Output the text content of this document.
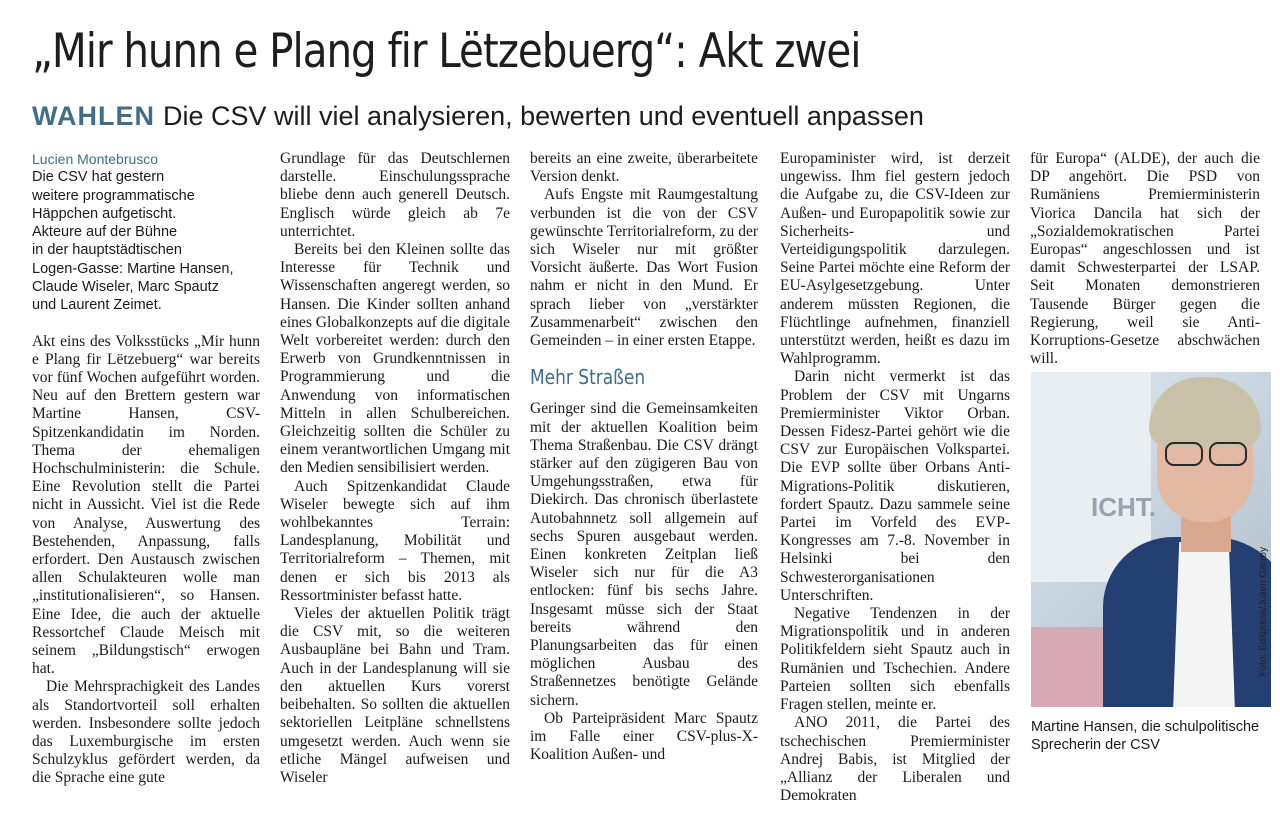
„Mir hunn e Plang fir Lëtzebuerg“: Akt zwei
WAHLEN Die CSV will viel analysieren, bewerten und eventuell anpassen

Lucien Montebrusco

Die CSV hat gestern

weitere programmatische

Häppchen aufgetischt.

Akteure auf der Bühne

in der hauptstädtischen

Logen-Gasse: Martine Hansen,

Claude Wiseler, Marc Spautz

und Laurent Zeimet.

Akt eins des Volksstücks „Mir hunn e Plang fir Lëtzebuerg“ war bereits vor fünf Wochen aufgeführt worden. Neu auf den Brettern gestern war Martine Hansen, CSV-Spitzenkandidatin im Norden. Thema der ehemaligen Hochschulministerin: die Schule. Eine Revolution stellt die Partei nicht in Aussicht. Viel ist die Rede von Analyse, Auswertung des Bestehenden, Anpassung, falls erfordert. Den Austausch zwischen allen Schulakteuren wolle man „institutionalisieren“, so Hansen. Eine Idee, die auch der aktuelle Ressortchef Claude Meisch mit seinem „Bildungstisch“ erwogen hat.

Die Mehrsprachigkeit des Landes als Standortvorteil soll erhalten werden. Insbesondere sollte jedoch das Luxemburgische im ersten Schulzyklus gefördert werden, da die Sprache eine gute

Grundlage für das Deutschlernen darstelle. Einschulungssprache bliebe denn auch generell Deutsch. Englisch würde gleich ab 7e unterrichtet.

Bereits bei den Kleinen sollte das Interesse für Technik und Wissenschaften angeregt werden, so Hansen. Die Kinder sollten anhand eines Globalkonzepts auf die digitale Welt vorbereitet werden: durch den Erwerb von Grundkenntnissen in Programmierung und die Anwendung von informatischen Mitteln in allen Schulbereichen. Gleichzeitig sollten die Schüler zu einem verantwortlichen Umgang mit den Medien sensibilisiert werden.

Auch Spitzenkandidat Claude Wiseler bewegte sich auf ihm wohlbekanntes Terrain: Landesplanung, Mobilität und Territorialreform – Themen, mit denen er sich bis 2013 als Ressortminister befasst hatte.

Vieles der aktuellen Politik trägt die CSV mit, so die weiteren Ausbaupläne bei Bahn und Tram. Auch in der Landesplanung will sie den aktuellen Kurs vorerst beibehalten. So sollten die aktuellen sektoriellen Leitpläne schnellstens umgesetzt werden. Auch wenn sie etliche Mängel aufweisen und Wiseler

bereits an eine zweite, überarbeitete Version denkt.

Aufs Engste mit Raumgestaltung verbunden ist die von der CSV gewünschte Territorialreform, zu der sich Wiseler nur mit größter Vorsicht äußerte. Das Wort Fusion nahm er nicht in den Mund. Er sprach lieber von „verstärkter Zusammenarbeit“ zwischen den Gemeinden – in einer ersten Etappe.

Mehr Straßen

Geringer sind die Gemeinsamkeiten mit der aktuellen Koalition beim Thema Straßenbau. Die CSV drängt stärker auf den zügigeren Bau von Umgehungsstraßen, etwa für Diekirch. Das chronisch überlastete Autobahnnetz soll allgemein auf sechs Spuren ausgebaut werden. Einen konkreten Zeitplan ließ Wiseler sich nur für die A3 entlocken: fünf bis sechs Jahre. Insgesamt müsse sich der Staat bereits während den Planungsarbeiten das für einen möglichen Ausbau des Straßennetzes benötigte Gelände sichern.

Ob Parteipräsident Marc Spautz im Falle einer CSV-plus-X-Koalition Außen- und

Europaminister wird, ist derzeit ungewiss. Ihm fiel gestern jedoch die Aufgabe zu, die CSV-Ideen zur Außen- und Europapolitik sowie zur Sicherheits- und Verteidigungspolitik darzulegen. Seine Partei möchte eine Reform der EU-Asylgesetzgebung. Unter anderem müssten Regionen, die Flüchtlinge aufnehmen, finanziell unterstützt werden, heißt es dazu im Wahlprogramm.

Darin nicht vermerkt ist das Problem der CSV mit Ungarns Premierminister Viktor Orban. Dessen Fidesz-Partei gehört wie die CSV zur Europäischen Volkspartei. Die EVP sollte über Orbans Anti-Migrations-Politik diskutieren, fordert Spautz. Dazu sammele seine Partei im Vorfeld des EVP-Kongresses am 7.-8. November in Helsinki bei den Schwesterorganisationen Unterschriften.

Negative Tendenzen in der Migrationspolitik und in anderen Politikfeldern sieht Spautz auch in Rumänien und Tschechien. Andere Parteien sollten sich ebenfalls Fragen stellen, meinte er.

ANO 2011, die Partei des tschechischen Premierminister Andrej Babis, ist Mitglied der „Allianz der Liberalen und Demokraten

für Europa“ (ALDE), der auch die DP angehört. Die PSD von Rumäniens Premierministerin Viorica Dancila hat sich der „Sozialdemokratischen Partei Europas“ angeschlossen und ist damit Schwesterpartei der LSAP. Seit Monaten demonstrieren Tausende Bürger gegen die Regierung, weil sie Anti-Korruptions-Gesetze abschwächen will.

ICHT.
Foto: Editpress/Julien Garroy
Martine Hansen, die schulpolitische Sprecherin der CSV
